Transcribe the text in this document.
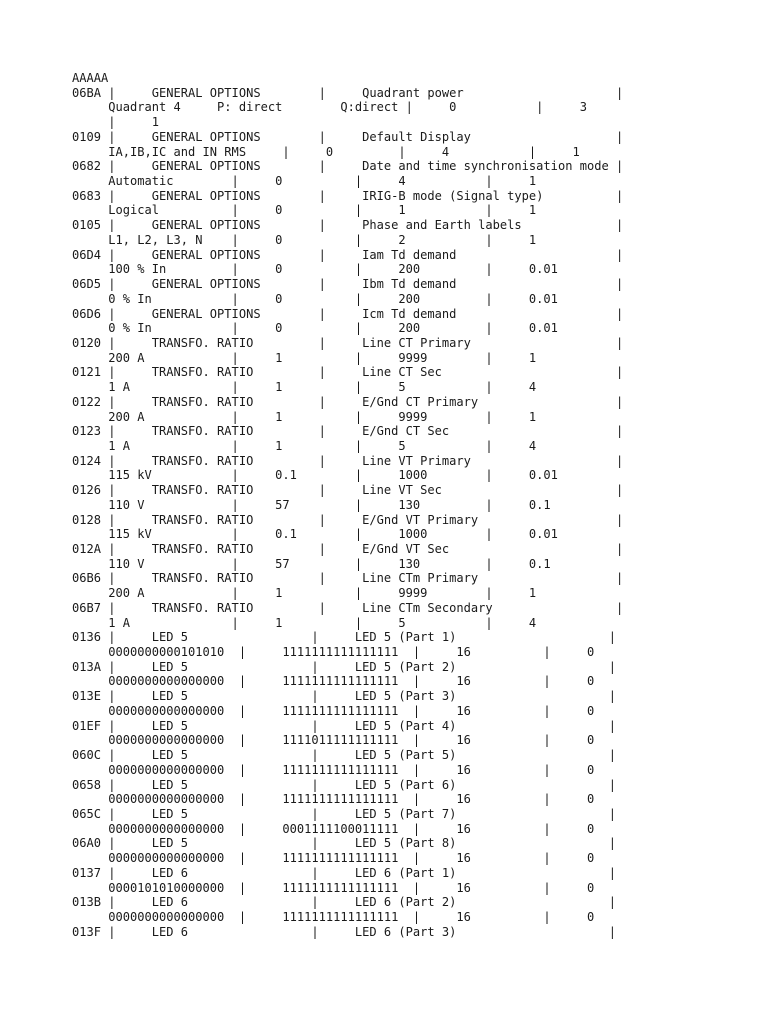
AAAAA
06BA |     GENERAL OPTIONS        |     Quadrant power                     |
Quadrant 4     P: direct        Q:direct |     0           |     3
|     1
0109 |     GENERAL OPTIONS        |     Default Display                    |
IA,IB,IC and IN RMS     |     0         |     4           |     1
0682 |     GENERAL OPTIONS        |     Date and time synchronisation mode |
Automatic        |     0          |     4           |     1
0683 |     GENERAL OPTIONS        |     IRIG-B mode (Signal type)          |
Logical          |     0          |     1           |     1
0105 |     GENERAL OPTIONS        |     Phase and Earth labels             |
L1, L2, L3, N    |     0          |     2           |     1
06D4 |     GENERAL OPTIONS        |     Iam Td demand                      |
100 % In         |     0          |     200         |     0.01
06D5 |     GENERAL OPTIONS        |     Ibm Td demand                      |
0 % In           |     0          |     200         |     0.01
06D6 |     GENERAL OPTIONS        |     Icm Td demand                      |
0 % In           |     0          |     200         |     0.01
0120 |     TRANSFO. RATIO         |     Line CT Primary                    |
200 A            |     1          |     9999        |     1
0121 |     TRANSFO. RATIO         |     Line CT Sec                        |
1 A              |     1          |     5           |     4
0122 |     TRANSFO. RATIO         |     E/Gnd CT Primary                   |
200 A            |     1          |     9999        |     1
0123 |     TRANSFO. RATIO         |     E/Gnd CT Sec                       |
1 A              |     1          |     5           |     4
0124 |     TRANSFO. RATIO         |     Line VT Primary                    |
115 kV           |     0.1        |     1000        |     0.01
0126 |     TRANSFO. RATIO         |     Line VT Sec                        |
110 V            |     57         |     130         |     0.1
0128 |     TRANSFO. RATIO         |     E/Gnd VT Primary                   |
115 kV           |     0.1        |     1000        |     0.01
012A |     TRANSFO. RATIO         |     E/Gnd VT Sec                       |
110 V            |     57         |     130         |     0.1
06B6 |     TRANSFO. RATIO         |     Line CTm Primary                   |
200 A            |     1          |     9999        |     1
06B7 |     TRANSFO. RATIO         |     Line CTm Secondary                 |
1 A              |     1          |     5           |     4
0136 |     LED 5                 |     LED 5 (Part 1)                     |
0000000000101010  |     1111111111111111  |     16          |     0
013A |     LED 5                 |     LED 5 (Part 2)                     |
0000000000000000  |     1111111111111111  |     16          |     0
013E |     LED 5                 |     LED 5 (Part 3)                     |
0000000000000000  |     1111111111111111  |     16          |     0
01EF |     LED 5                 |     LED 5 (Part 4)                     |
0000000000000000  |     1111011111111111  |     16          |     0
060C |     LED 5                 |     LED 5 (Part 5)                     |
0000000000000000  |     1111111111111111  |     16          |     0
0658 |     LED 5                 |     LED 5 (Part 6)                     |
0000000000000000  |     1111111111111111  |     16          |     0
065C |     LED 5                 |     LED 5 (Part 7)                     |
0000000000000000  |     0001111100011111  |     16          |     0
06A0 |     LED 5                 |     LED 5 (Part 8)                     |
0000000000000000  |     1111111111111111  |     16          |     0
0137 |     LED 6                 |     LED 6 (Part 1)                     |
0000101010000000  |     1111111111111111  |     16          |     0
013B |     LED 6                 |     LED 6 (Part 2)                     |
0000000000000000  |     1111111111111111  |     16          |     0
013F |     LED 6                 |     LED 6 (Part 3)                     |
